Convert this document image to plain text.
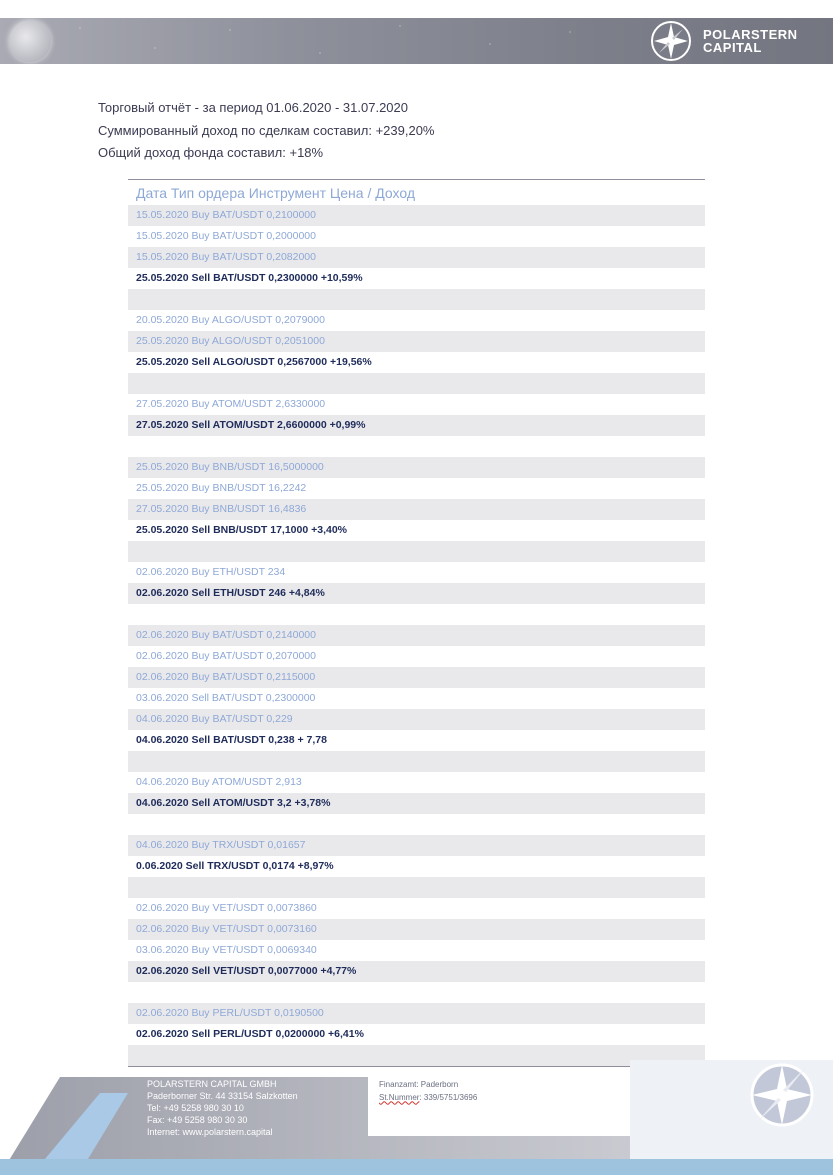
POLARSTERN
CAPITAL
Торговый отчёт - за период 01.06.2020 - 31.07.2020
Суммированный доход по сделкам составил: +239,20%
Общий доход фонда составил: +18%
Дата Тип ордера Инструмент Цена / Доход
15.05.2020 Buy BAT/USDT 0,2100000
15.05.2020 Buy BAT/USDT 0,2000000
15.05.2020 Buy BAT/USDT 0,2082000
25.05.2020 Sell BAT/USDT 0,2300000 +10,59%
20.05.2020 Buy ALGO/USDT 0,2079000
25.05.2020 Buy ALGO/USDT 0,2051000
25.05.2020 Sell ALGO/USDT 0,2567000 +19,56%
27.05.2020 Buy ATOM/USDT 2,6330000
27.05.2020 Sell ATOM/USDT 2,6600000 +0,99%
25.05.2020 Buy BNB/USDT 16,5000000
25.05.2020 Buy BNB/USDT 16,2242
27.05.2020 Buy BNB/USDT 16,4836
25.05.2020 Sell BNB/USDT 17,1000 +3,40%
02.06.2020 Buy ETH/USDT 234
02.06.2020 Sell ETH/USDT 246 +4,84%
02.06.2020 Buy BAT/USDT 0,2140000
02.06.2020 Buy BAT/USDT 0,2070000
02.06.2020 Buy BAT/USDT 0,2115000
03.06.2020 Sell BAT/USDT 0,2300000
04.06.2020 Buy BAT/USDT 0,229
04.06.2020 Sell BAT/USDT 0,238 + 7,78
04.06.2020 Buy ATOM/USDT 2,913
04.06.2020 Sell ATOM/USDT 3,2 +3,78%
04.06.2020 Buy TRX/USDT 0,01657
0.06.2020 Sell TRX/USDT 0,0174 +8,97%
02.06.2020 Buy VET/USDT 0,0073860
02.06.2020 Buy VET/USDT 0,0073160
03.06.2020 Buy VET/USDT 0,0069340
02.06.2020 Sell VET/USDT 0,0077000 +4,77%
02.06.2020 Buy PERL/USDT 0,0190500
02.06.2020 Sell PERL/USDT 0,0200000 +6,41%
POLARSTERN CAPITAL GMBH
Paderborner Str. 44 33154 Salzkotten
Tel: +49 5258 980 30 10
Fax: +49 5258 980 30 30
Internet: www.polarstern.capital
Finanzamt: Paderborn
St.Nummer: 339/5751/3696
